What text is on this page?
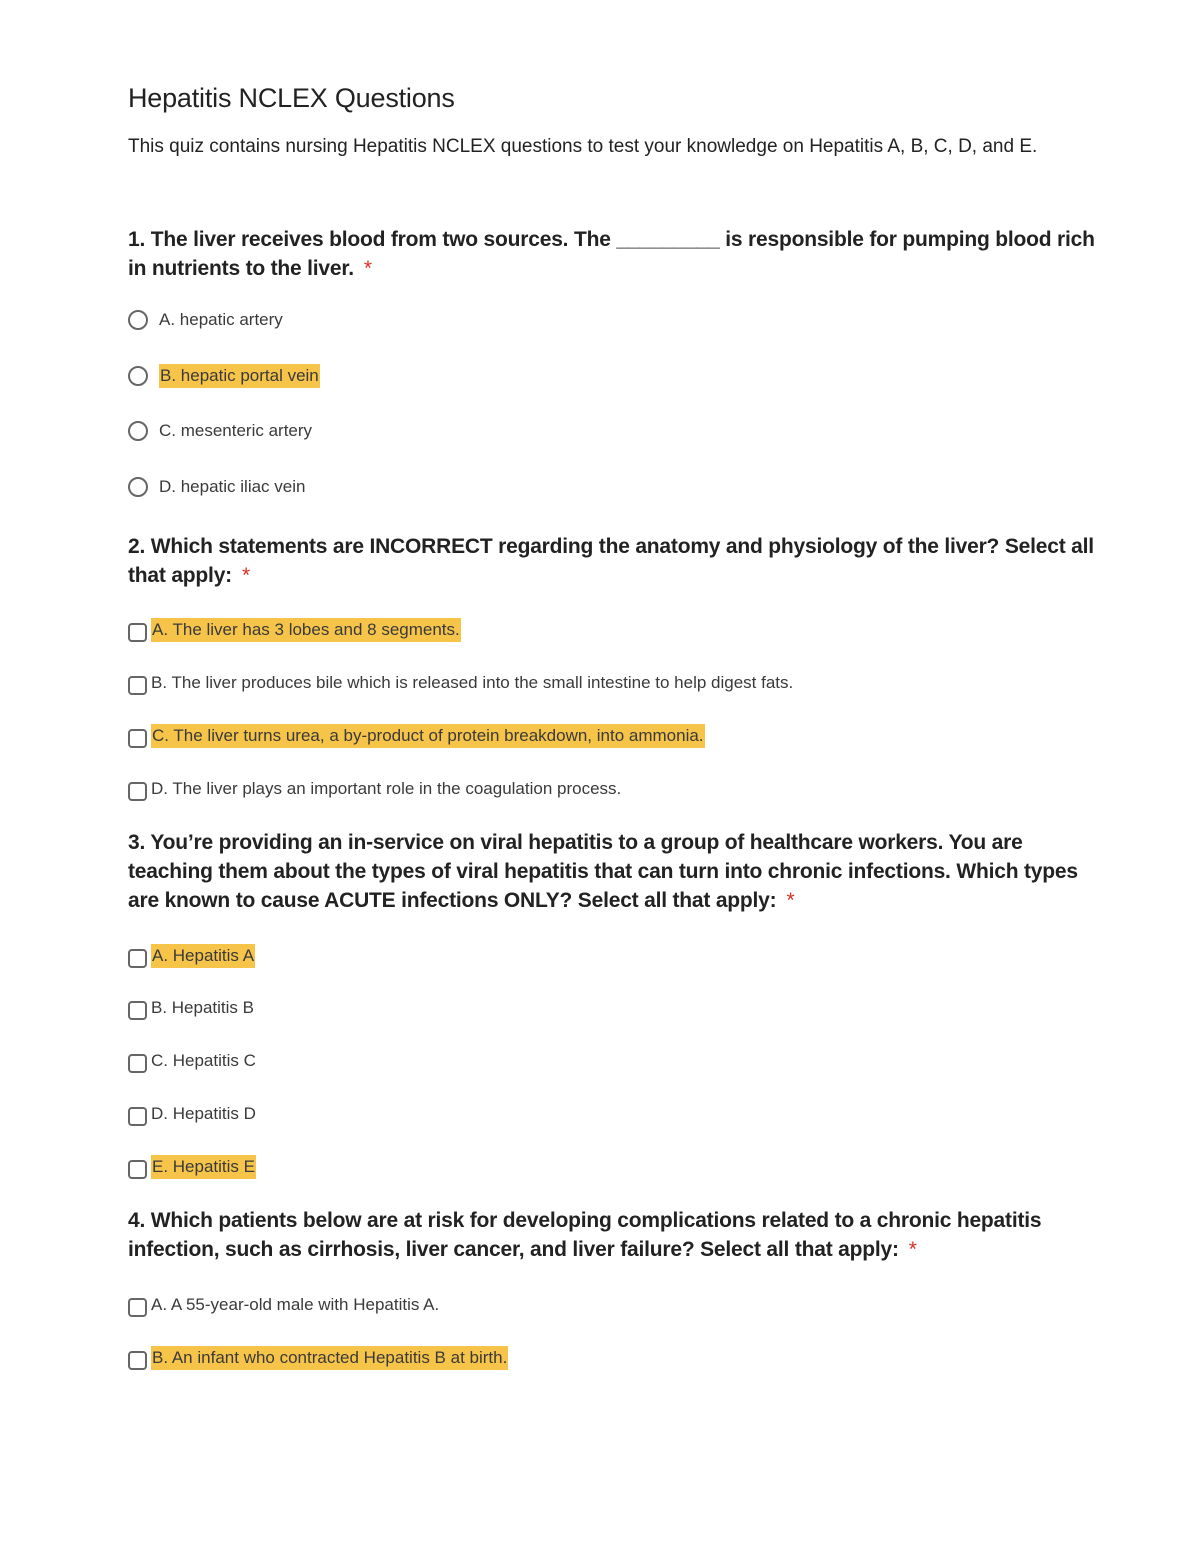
Hepatitis NCLEX Questions

This quiz contains nursing Hepatitis NCLEX questions to test your knowledge on Hepatitis A, B, C, D, and E.

1. The liver receives blood from two sources. The _________ is responsible for pumping blood rich in nutrients to the liver. *

A. hepatic artery
B. hepatic portal vein
C. mesenteric artery
D. hepatic iliac vein

2. Which statements are INCORRECT regarding the anatomy and physiology of the liver? Select all that apply: *

A. The liver has 3 lobes and 8 segments.
B. The liver produces bile which is released into the small intestine to help digest fats.
C. The liver turns urea, a by-product of protein breakdown, into ammonia.
D. The liver plays an important role in the coagulation process.

3. You’re providing an in-service on viral hepatitis to a group of healthcare workers. You are teaching them about the types of viral hepatitis that can turn into chronic infections. Which types are known to cause ACUTE infections ONLY? Select all that apply: *

A. Hepatitis A
B. Hepatitis B
C. Hepatitis C
D. Hepatitis D
E. Hepatitis E

4. Which patients below are at risk for developing complications related to a chronic hepatitis infection, such as cirrhosis, liver cancer, and liver failure? Select all that apply: *

A. A 55-year-old male with Hepatitis A.
B. An infant who contracted Hepatitis B at birth.
